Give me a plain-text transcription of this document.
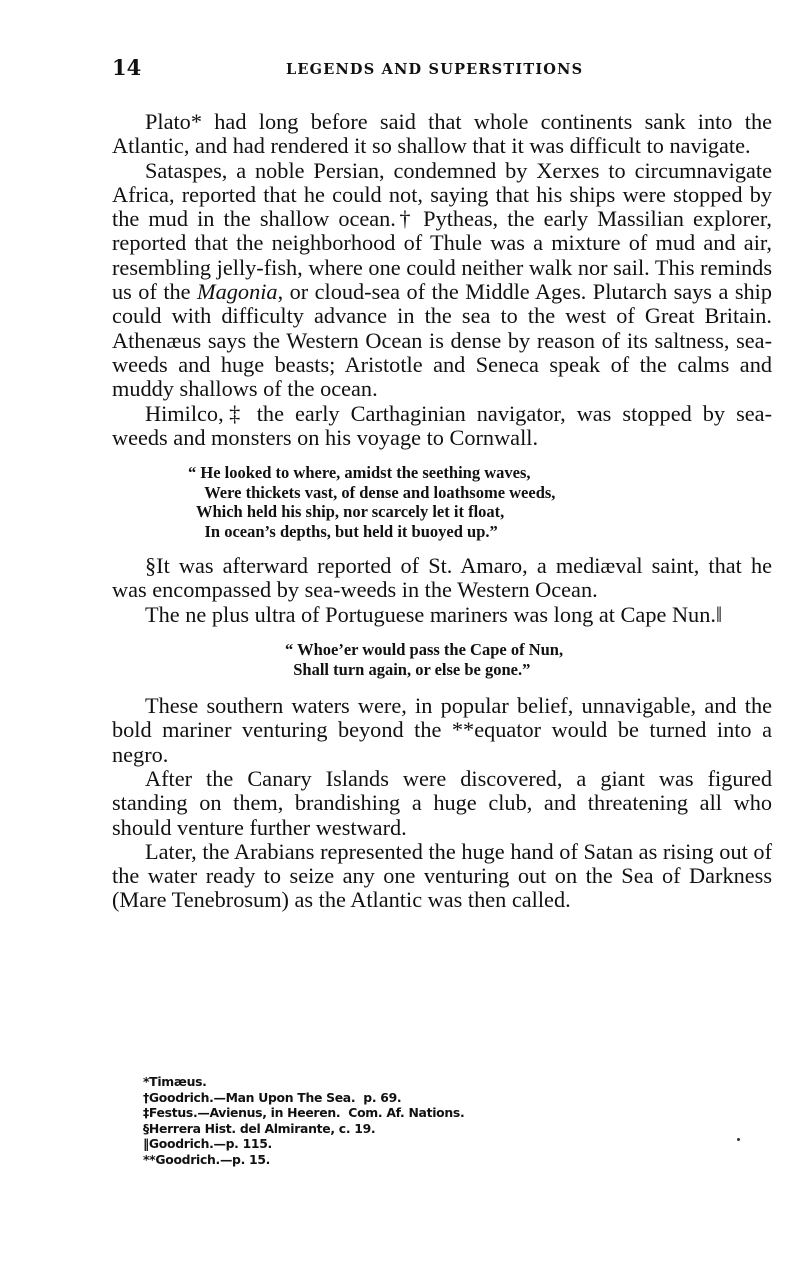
14	LEGENDS AND SUPERSTITIONS

Plato* had long before said that whole continents sank into the Atlantic, and had rendered it so shallow that it was difficult to navigate.

Sataspes, a noble Persian, condemned by Xerxes to circumnavigate Africa, reported that he could not, saying that his ships were stopped by the mud in the shallow ocean.† Pytheas, the early Massilian explorer, reported that the neighborhood of Thule was a mixture of mud and air, resembling jelly-fish, where one could neither walk nor sail. This reminds us of the Magonia, or cloud-sea of the Middle Ages. Plutarch says a ship could with difficulty advance in the sea to the west of Great Britain. Athenæus says the Western Ocean is dense by reason of its saltness, sea-weeds and huge beasts; Aristotle and Seneca speak of the calms and muddy shallows of the ocean.

Himilco,‡ the early Carthaginian navigator, was stopped by sea-weeds and monsters on his voyage to Cornwall.

“ He looked to where, amidst the seething waves,
Were thickets vast, of dense and loathsome weeds,
Which held his ship, nor scarcely let it float,
In ocean’s depths, but held it buoyed up.”

§It was afterward reported of St. Amaro, a mediæval saint, that he was encompassed by sea-weeds in the Western Ocean.

The ne plus ultra of Portuguese mariners was long at Cape Nun.‖

“ Whoe’er would pass the Cape of Nun,
Shall turn again, or else be gone.”

These southern waters were, in popular belief, unnavigable, and the bold mariner venturing beyond the **equator would be turned into a negro.

After the Canary Islands were discovered, a giant was figured standing on them, brandishing a huge club, and threatening all who should venture further westward.

Later, the Arabians represented the huge hand of Satan as rising out of the water ready to seize any one venturing out on the Sea of Darkness (Mare Tenebrosum) as the Atlantic was then called.

*Timæus.
†Goodrich.—Man Upon The Sea.  p. 69.
‡Festus.—Avienus, in Heeren.  Com. Af. Nations.
§Herrera Hist. del Almirante, c. 19.
‖Goodrich.—p. 115.
**Goodrich.—p. 15.
